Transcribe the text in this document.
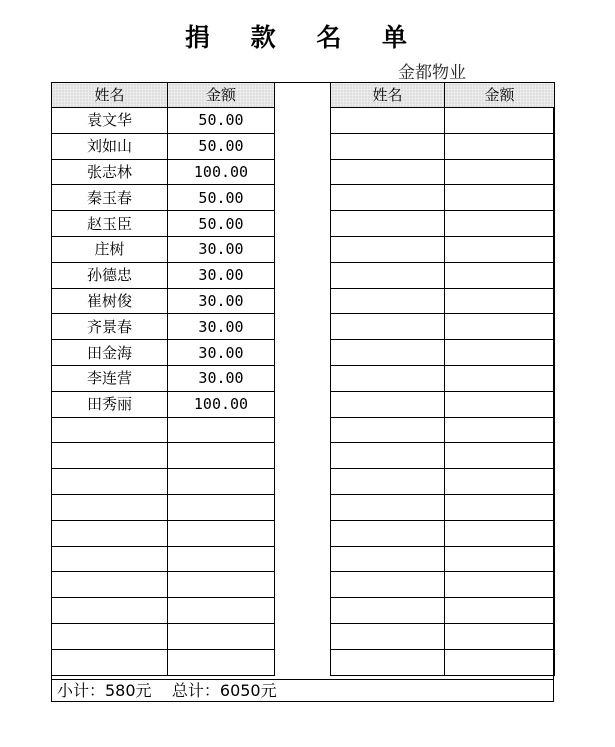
捐 款 名 单
金都物业
姓名	金额
袁文华	50.00
刘如山	50.00
张志林	100.00
秦玉春	50.00
赵玉臣	50.00
庄树	30.00
孙德忠	30.00
崔树俊	30.00
齐景春	30.00
田金海	30.00
李连营	30.00
田秀丽	100.00

姓名	金额

小计：580元    总计：6050元
